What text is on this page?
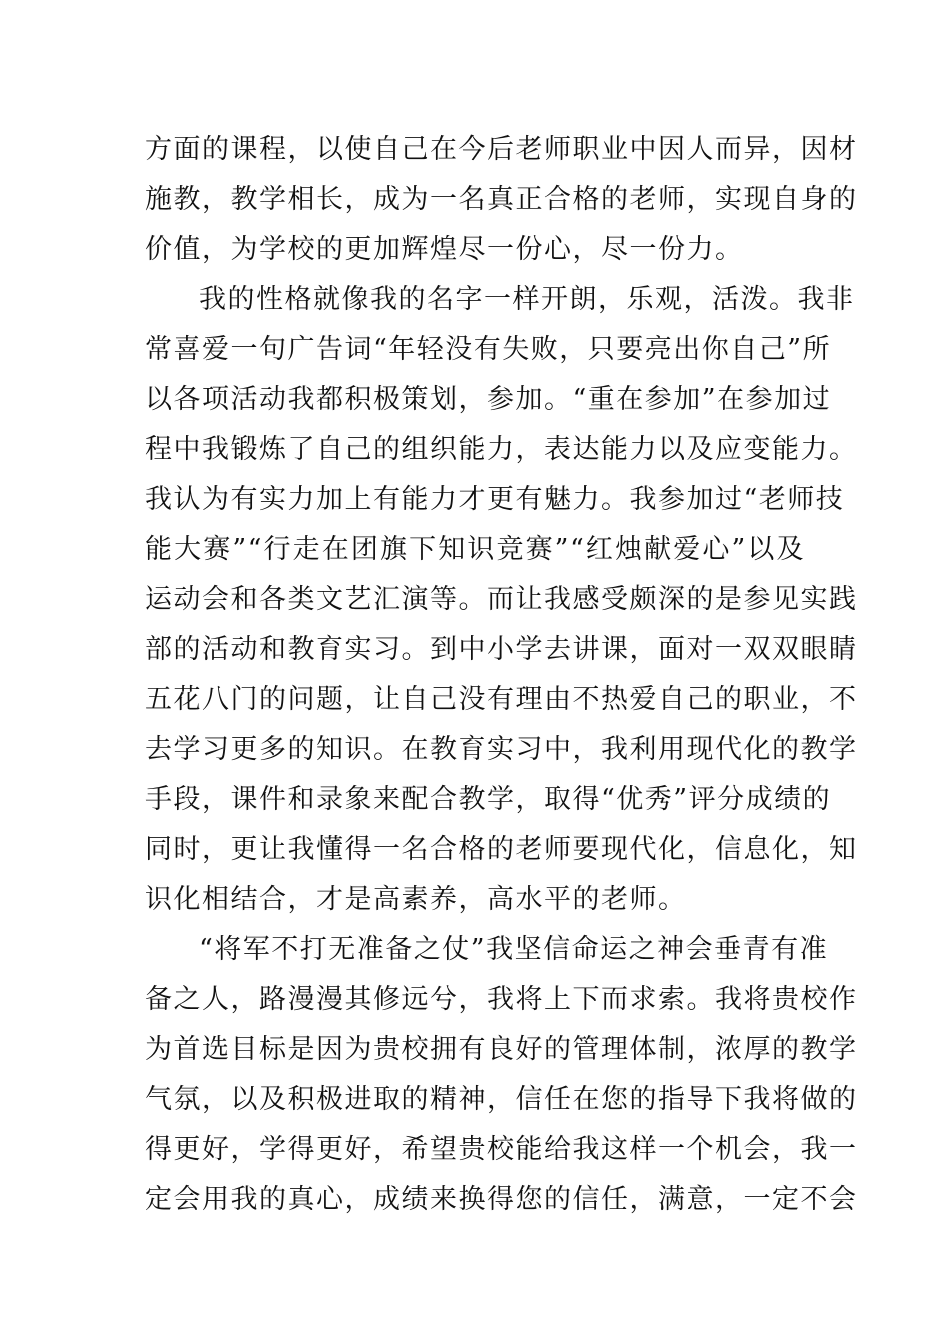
方面的课程，以使自己在今后老师职业中因人而异，因材
施教，教学相长，成为一名真正合格的老师，实现自身的
价值，为学校的更加辉煌尽一份心，尽一份力。
我的性格就像我的名字一样开朗，乐观，活泼。我非
常喜爱一句广告词“年轻没有失败，只要亮出你自己”所
以各项活动我都积极策划，参加。“重在参加”在参加过
程中我锻炼了自己的组织能力，表达能力以及应变能力。
我认为有实力加上有能力才更有魅力。我参加过“老师技
能大赛”“行走在团旗下知识竞赛”“红烛献爱心”以及
运动会和各类文艺汇演等。而让我感受颇深的是参见实践
部的活动和教育实习。到中小学去讲课，面对一双双眼睛
五花八门的问题，让自己没有理由不热爱自己的职业，不
去学习更多的知识。在教育实习中，我利用现代化的教学
手段，课件和录象来配合教学，取得“优秀”评分成绩的
同时，更让我懂得一名合格的老师要现代化，信息化，知
识化相结合，才是高素养，高水平的老师。
“将军不打无准备之仗”我坚信命运之神会垂青有准
备之人，路漫漫其修远兮，我将上下而求索。我将贵校作
为首选目标是因为贵校拥有良好的管理体制，浓厚的教学
气氛，以及积极进取的精神，信任在您的指导下我将做的
得更好，学得更好，希望贵校能给我这样一个机会，我一
定会用我的真心，成绩来换得您的信任，满意，一定不会
